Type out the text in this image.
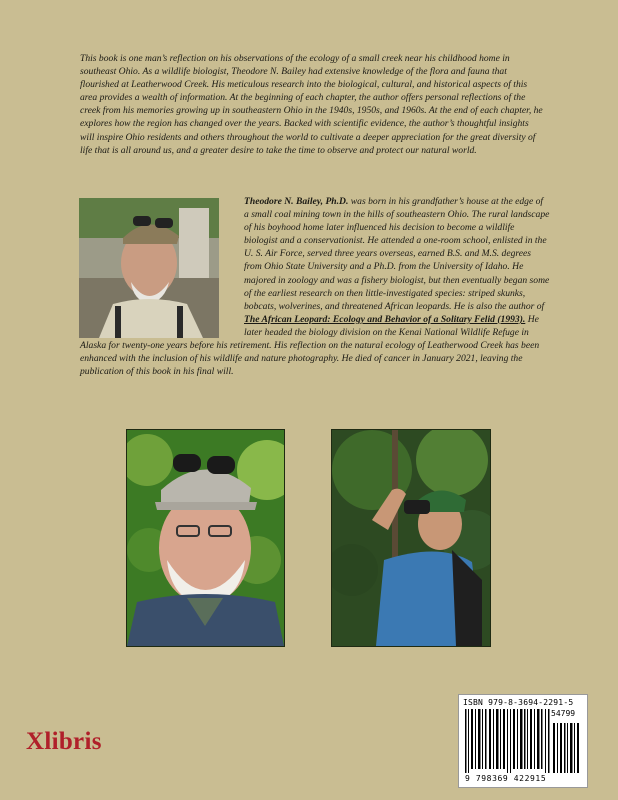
This book is one man’s reflection on his observations of the ecology of a small creek near his childhood home in southeast Ohio. As a wildlife biologist, Theodore N. Bailey had extensive knowledge of the flora and fauna that flourished at Leatherwood Creek. His meticulous research into the biological, cultural, and historical aspects of this area provides a wealth of information. At the beginning of each chapter, the author offers personal reflections of the creek from his memories growing up in southeastern Ohio in the 1940s, 1950s, and 1960s. At the end of each chapter, he explores how the region has changed over the years. Backed with scientific evidence, the author’s thoughtful insights will inspire Ohio residents and others throughout the world to cultivate a deeper appreciation for the great diversity of life that is all around us, and a greater desire to take the time to observe and protect our natural world.

Theodore N. Bailey, Ph.D. was born in his grandfather’s house at the edge of a small coal mining town in the hills of southeastern Ohio. The rural landscape of his boyhood home later influenced his decision to become a wildlife biologist and a conservationist. He attended a one-room school, enlisted in the U. S. Air Force, served three years overseas, earned B.S. and M.S. degrees from Ohio State University and a Ph.D. from the University of Idaho. He majored in zoology and was a fishery biologist, but then eventually began some of the earliest research on then little-investigated species: striped skunks, bobcats, wolverines, and threatened African leopards. He is also the author of The African Leopard: Ecology and Behavior of a Solitary Felid (1993). He later headed the biology division on the Kenai National Wildlife Refuge in Alaska for twenty-one years before his retirement. His reflection on the natural ecology of Leatherwood Creek has been enhanced with the inclusion of his wildlife and nature photography. He died of cancer in January 2021, leaving the publication of this book in his final will.

Xlibris
ISBN 979-8-3694-2291-5
54799
9 798369 422915
